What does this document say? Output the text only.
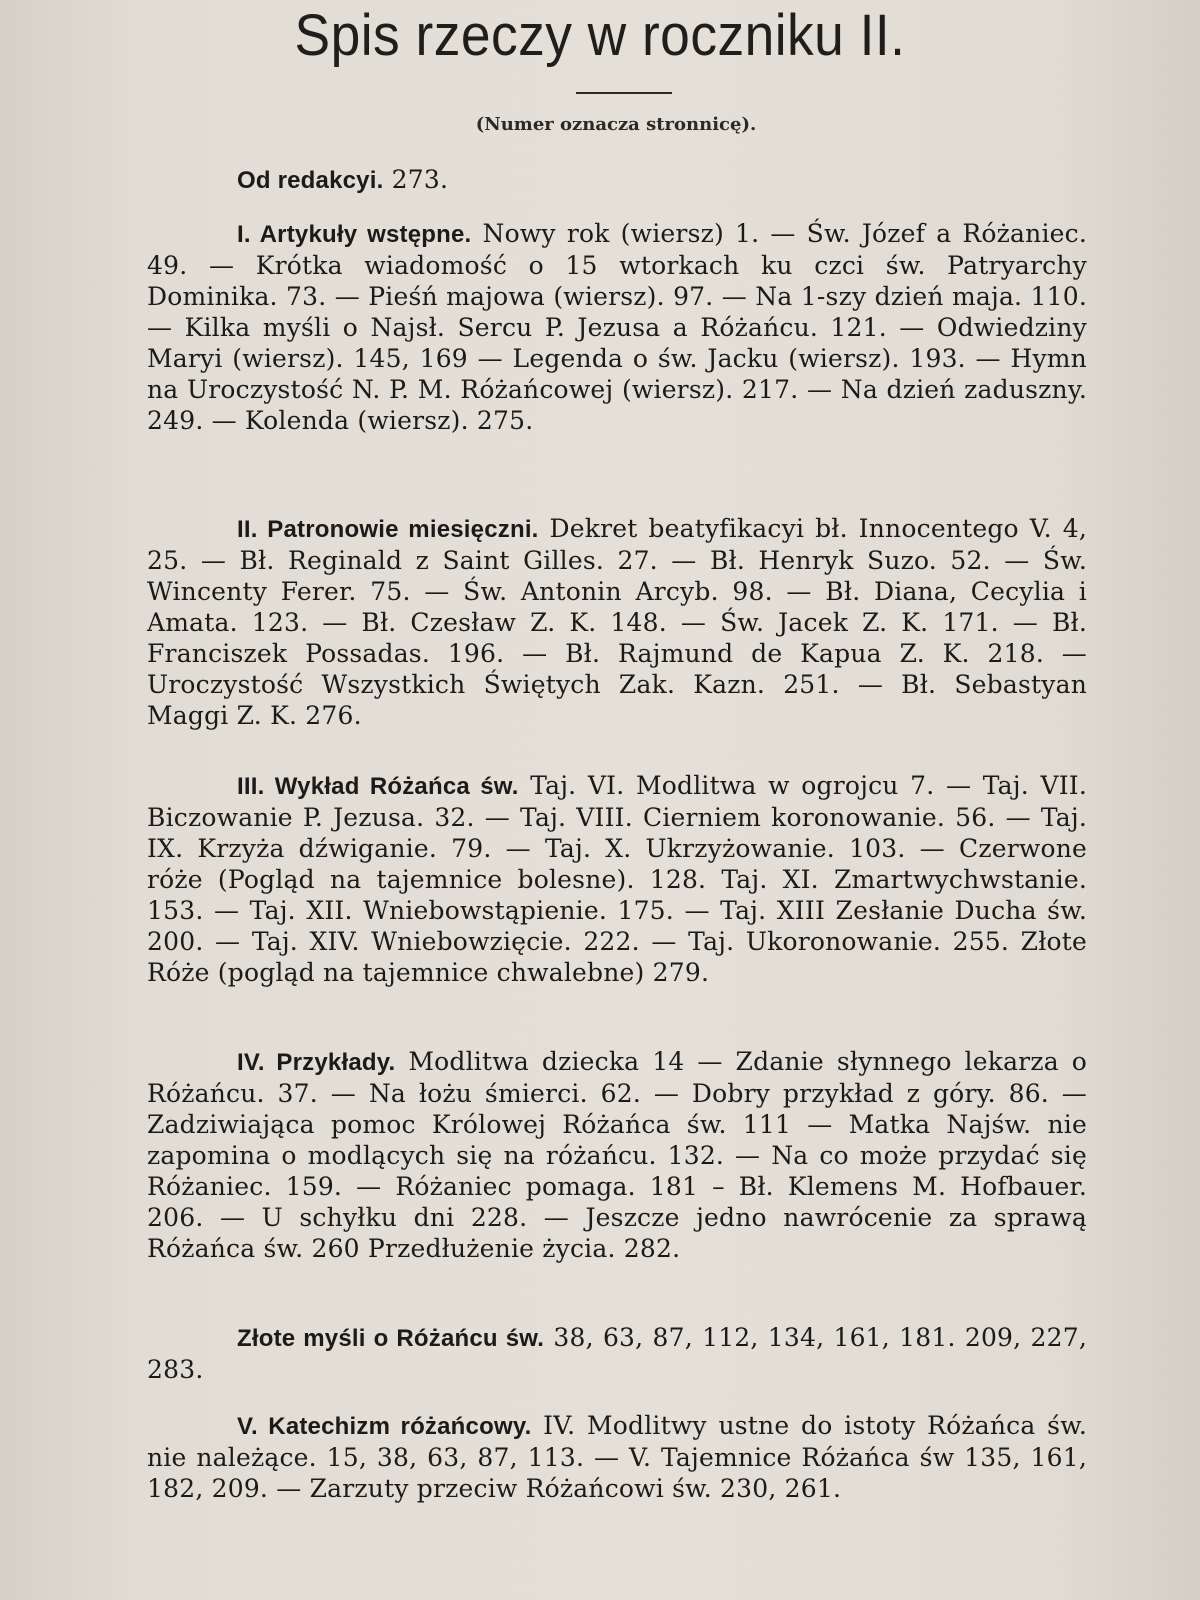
Spis rzeczy w roczniku II.
(Numer oznacza stronnicę).

Od redakcyi. 273.

I. Artykuły wstępne. Nowy rok (wiersz) 1. — Św. Józef a Różaniec. 49. — Krótka wiadomość o 15 wtorkach ku czci św. Patryarchy Dominika. 73. — Pieśń majowa (wiersz). 97. — Na 1-szy dzień maja. 110. — Kilka myśli o Najsł. Sercu P. Jezusa a Różańcu. 121. — Odwiedziny Maryi (wiersz). 145, 169 — Legenda o św. Jacku (wiersz). 193. — Hymn na Uroczystość N. P. M. Różańcowej (wiersz). 217. — Na dzień zaduszny. 249. — Kolenda (wiersz). 275.

II. Patronowie miesięczni. Dekret beatyfikacyi bł. Innocentego V. 4, 25. — Bł. Reginald z Saint Gilles. 27. — Bł. Henryk Suzo. 52. — Św. Wincenty Ferer. 75. — Św. Antonin Arcyb. 98. — Bł. Diana, Cecylia i Amata. 123. — Bł. Czesław Z. K. 148. — Św. Jacek Z. K. 171. — Bł. Franciszek Possadas. 196. — Bł. Rajmund de Kapua Z. K. 218. — Uroczystość Wszystkich Świętych Zak. Kazn. 251. — Bł. Sebastyan Maggi Z. K. 276.

III. Wykład Różańca św. Taj. VI. Modlitwa w ogrojcu 7. — Taj. VII. Biczowanie P. Jezusa. 32. — Taj. VIII. Cierniem koronowanie. 56. — Taj. IX. Krzyża dźwiganie. 79. — Taj. X. Ukrzyżowanie. 103. — Czerwone róże (Pogląd na tajemnice bolesne). 128. Taj. XI. Zmartwychwstanie. 153. — Taj. XII. Wniebowstąpienie. 175. — Taj. XIII Zesłanie Ducha św. 200. — Taj. XIV. Wniebowzięcie. 222. — Taj. Ukoronowanie. 255. Złote Róże (pogląd na tajemnice chwalebne) 279.

IV. Przykłady. Modlitwa dziecka 14 — Zdanie słynnego lekarza o Różańcu. 37. — Na łożu śmierci. 62. — Dobry przykład z góry. 86. — Zadziwiająca pomoc Królowej Różańca św. 111 — Matka Najśw. nie zapomina o modlących się na różańcu. 132. — Na co może przydać się Różaniec. 159. — Różaniec pomaga. 181 – Bł. Klemens M. Hofbauer. 206. — U schyłku dni 228. — Jeszcze jedno nawrócenie za sprawą Różańca św. 260 Przedłużenie życia. 282.

Złote myśli o Różańcu św. 38, 63, 87, 112, 134, 161, 181. 209, 227, 283.

V. Katechizm różańcowy. IV. Modlitwy ustne do istoty Różańca św. nie należące. 15, 38, 63, 87, 113. — V. Tajemnice Różańca św 135, 161, 182, 209. — Zarzuty przeciw Różańcowi św. 230, 261.
